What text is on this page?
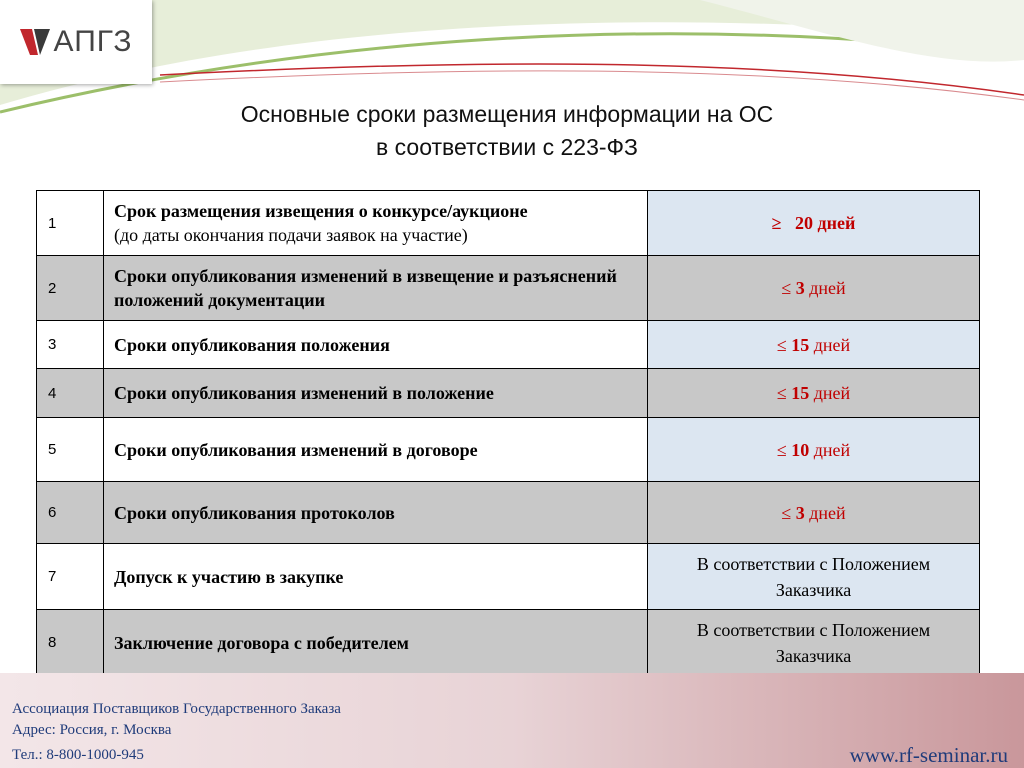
АПГЗ
Основные сроки размещения информации на ОС
в соответствии с 223-ФЗ
1	Срок размещения извещения о конкурсе/аукционе
(до даты окончания подачи заявок на участие)	≥ 20 дней
2	Сроки опубликования изменений в извещение и разъяснений положений документации	≤ 3 дней
3	Сроки опубликования положения	≤ 15 дней
4	Сроки опубликования изменений в положение	≤ 15 дней
5	Сроки опубликования изменений в договоре	≤ 10 дней
6	Сроки опубликования протоколов	≤ 3 дней
7	Допуск к участию в закупке	В соответствии с Положением Заказчика
8	Заключение договора с победителем	В соответствии с Положением Заказчика
Ассоциация Поставщиков Государственного Заказа
Адрес: Россия, г. Москва
Тел.: 8-800-1000-945	www.rf-seminar.ru
